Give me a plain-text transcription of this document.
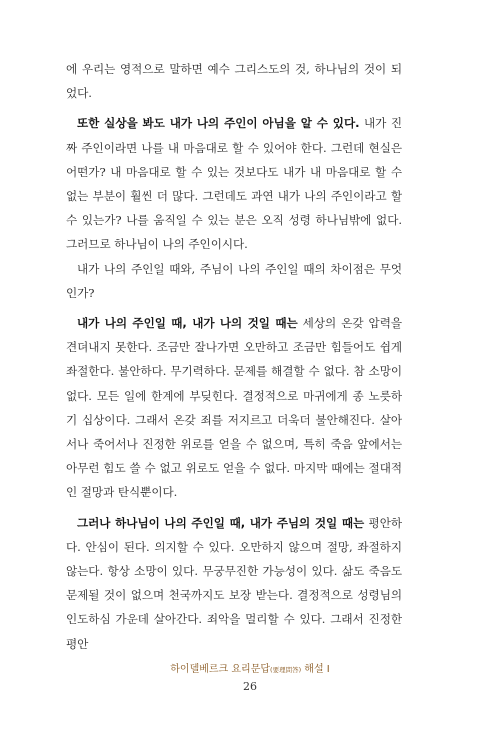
에 우리는 영적으로 말하면 예수 그리스도의 것, 하나님의 것이 되었다.

또한 실상을 봐도 내가 나의 주인이 아님을 알 수 있다. 내가 진짜 주인이라면 나를 내 마음대로 할 수 있어야 한다. 그런데 현실은 어떤가? 내 마음대로 할 수 있는 것보다도 내가 내 마음대로 할 수 없는 부분이 훨씬 더 많다. 그런데도 과연 내가 나의 주인이라고 할 수 있는가? 나를 움직일 수 있는 분은 오직 성령 하나님밖에 없다. 그러므로 하나님이 나의 주인이시다.

내가 나의 주인일 때와, 주님이 나의 주인일 때의 차이점은 무엇인가?

내가 나의 주인일 때, 내가 나의 것일 때는 세상의 온갖 압력을 견뎌내지 못한다. 조금만 잘나가면 오만하고 조금만 힘들어도 쉽게 좌절한다. 불안하다. 무기력하다. 문제를 해결할 수 없다. 참 소망이 없다. 모든 일에 한계에 부딪힌다. 결정적으로 마귀에게 종 노릇하기 십상이다. 그래서 온갖 죄를 저지르고 더욱더 불안해진다. 살아서나 죽어서나 진정한 위로를 얻을 수 없으며, 특히 죽음 앞에서는 아무런 힘도 쓸 수 없고 위로도 얻을 수 없다. 마지막 때에는 절대적인 절망과 탄식뿐이다.

그러나 하나님이 나의 주인일 때, 내가 주님의 것일 때는 평안하다. 안심이 된다. 의지할 수 있다. 오만하지 않으며 절망, 좌절하지 않는다. 항상 소망이 있다. 무궁무진한 가능성이 있다. 삶도 죽음도 문제될 것이 없으며 천국까지도 보장 받는다. 결정적으로 성령님의 인도하심 가운데 살아간다. 죄악을 멀리할 수 있다. 그래서 진정한 평안

하이델베르크 요리문답(要理問答) 해설 Ⅰ
26
